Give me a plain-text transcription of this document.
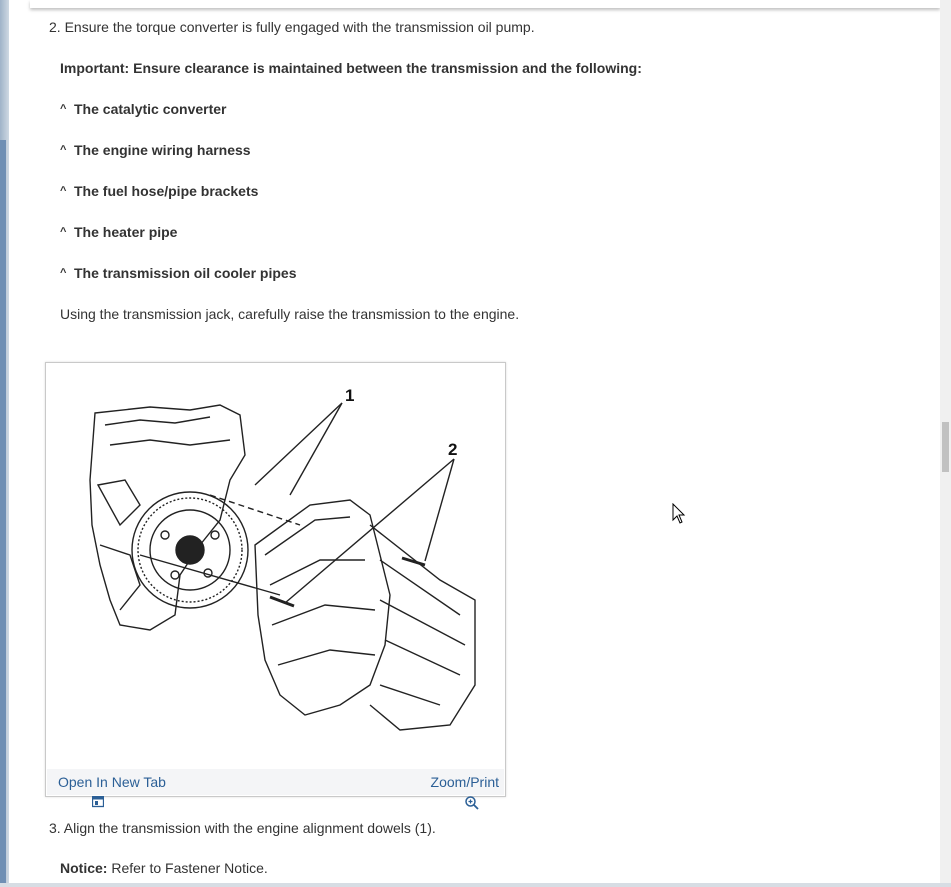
2. Ensure the torque converter is fully engaged with the transmission oil pump.
Important: Ensure clearance is maintained between the transmission and the following:
^ The catalytic converter
^ The engine wiring harness
^ The fuel hose/pipe brackets
^ The heater pipe
^ The transmission oil cooler pipes
Using the transmission jack, carefully raise the transmission to the engine.
1
2
Open In New Tab	Zoom/Print
3. Align the transmission with the engine alignment dowels (1).
Notice: Refer to Fastener Notice.
